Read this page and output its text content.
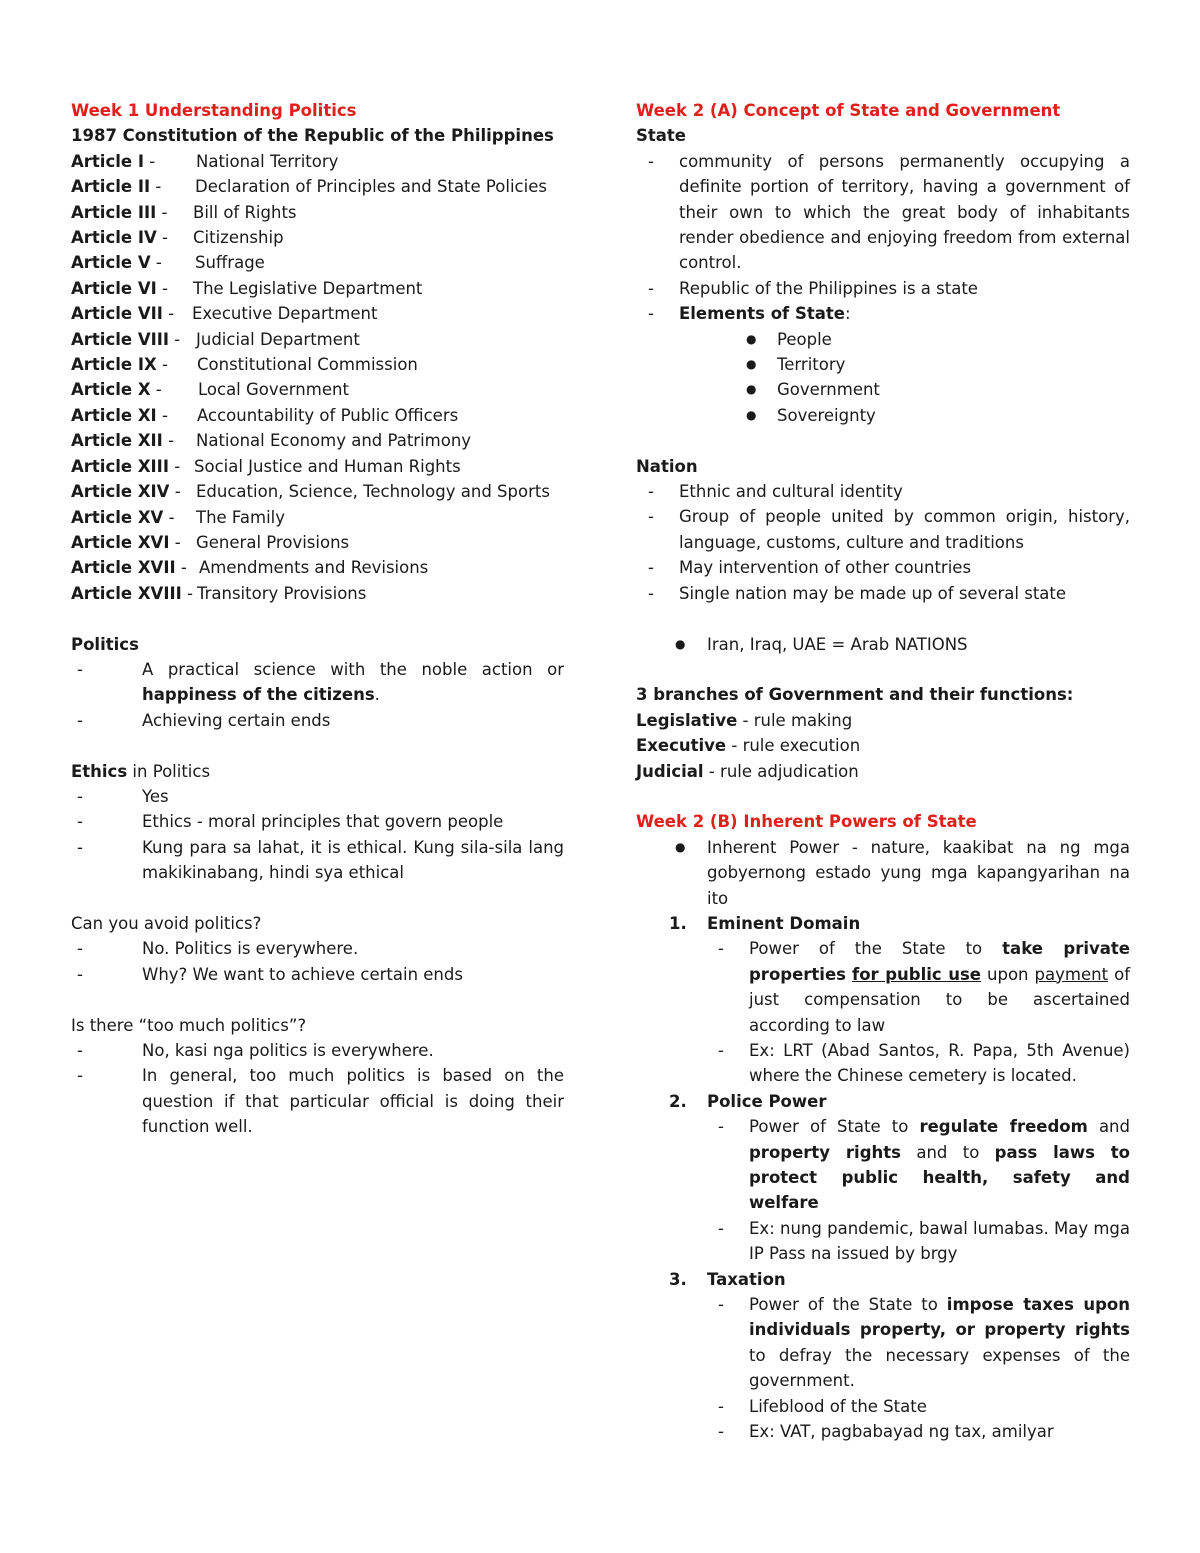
Week 1 Understanding Politics
1987 Constitution of the Republic of the Philippines
Article I - National Territory
Article II - Declaration of Principles and State Policies
Article III - Bill of Rights
Article IV - Citizenship
Article V - Suffrage
Article VI - The Legislative Department
Article VII - Executive Department
Article VIII - Judicial Department
Article IX - Constitutional Commission
Article X - Local Government
Article XI - Accountability of Public Officers
Article XII - National Economy and Patrimony
Article XIII - Social Justice and Human Rights
Article XIV - Education, Science, Technology and Sports
Article XV - The Family
Article XVI - General Provisions
Article XVII - Amendments and Revisions
Article XVIII - Transitory Provisions
Politics
-	A practical science with the noble action or happiness of the citizens.
-	Achieving certain ends
Ethics in Politics
-	Yes
-	Ethics - moral principles that govern people
-	Kung para sa lahat, it is ethical. Kung sila-sila lang makikinabang, hindi sya ethical
Can you avoid politics?
-	No. Politics is everywhere.
-	Why? We want to achieve certain ends
Is there “too much politics”?
-	No, kasi nga politics is everywhere.
-	In general, too much politics is based on the question if that particular official is doing their function well.
Week 2 (A) Concept of State and Government
State
- community of persons permanently occupying a definite portion of territory, having a government of their own to which the great body of inhabitants render obedience and enjoying freedom from external control.
- Republic of the Philippines is a state
- Elements of State:
● People
● Territory
● Government
● Sovereignty
Nation
- Ethnic and cultural identity
- Group of people united by common origin, history, language, customs, culture and traditions
- May intervention of other countries
- Single nation may be made up of several state
● Iran, Iraq, UAE = Arab NATIONS
3 branches of Government and their functions:
Legislative - rule making
Executive - rule execution
Judicial - rule adjudication
Week 2 (B) Inherent Powers of State
● Inherent Power - nature, kaakibat na ng mga gobyernong estado yung mga kapangyarihan na ito
1. Eminent Domain
- Power of the State to take private properties for public use upon payment of just compensation to be ascertained according to law
- Ex: LRT (Abad Santos, R. Papa, 5th Avenue) where the Chinese cemetery is located.
2. Police Power
- Power of State to regulate freedom and property rights and to pass laws to protect public health, safety and welfare
- Ex: nung pandemic, bawal lumabas. May mga IP Pass na issued by brgy
3. Taxation
- Power of the State to impose taxes upon individuals property, or property rights to defray the necessary expenses of the government.
- Lifeblood of the State
- Ex: VAT, pagbabayad ng tax, amilyar
